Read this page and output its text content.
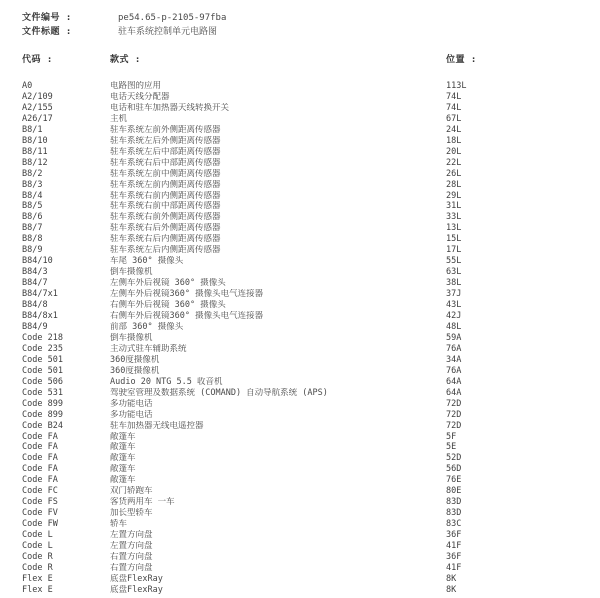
文件编号 :	pe54.65-p-2105-97fba
文件标题 :	驻车系统控制单元电路图
代码 :	款式 :	位置 :
A0	电路图的应用	113L
A2/109	电话天线分配器	74L
A2/155	电话和驻车加热器天线转换开关	74L
A26/17	主机	67L
B8/1	驻车系统左前外侧距离传感器	24L
B8/10	驻车系统左后外侧距离传感器	18L
B8/11	驻车系统左后中部距离传感器	20L
B8/12	驻车系统右后中部距离传感器	22L
B8/2	驻车系统左前中侧距离传感器	26L
B8/3	驻车系统左前内侧距离传感器	28L
B8/4	驻车系统右前内侧距离传感器	29L
B8/5	驻车系统右前中部距离传感器	31L
B8/6	驻车系统右前外侧距离传感器	33L
B8/7	驻车系统右后外侧距离传感器	13L
B8/8	驻车系统右后内侧距离传感器	15L
B8/9	驻车系统左后内侧距离传感器	17L
B84/10	车尾 360° 摄像头	55L
B84/3	倒车摄像机	63L
B84/7	左侧车外后视镜 360° 摄像头	38L
B84/7x1	左侧车外后视镜360° 摄像头电气连接器	37J
B84/8	右侧车外后视镜 360° 摄像头	43L
B84/8x1	右侧车外后视镜360° 摄像头电气连接器	42J
B84/9	前部 360° 摄像头	48L
Code 218	倒车摄像机	59A
Code 235	主动式驻车辅助系统	76A
Code 501	360度摄像机	34A
Code 501	360度摄像机	76A
Code 506	Audio 20 NTG 5.5 收音机	64A
Code 531	驾驶室管理及数据系统 (COMAND) 自动导航系统 (APS)	64A
Code 899	多功能电话	72D
Code 899	多功能电话	72D
Code B24	驻车加热器无线电遥控器	72D
Code FA	敞篷车	5F
Code FA	敞篷车	5E
Code FA	敞篷车	52D
Code FA	敞篷车	56D
Code FA	敞篷车	76E
Code FC	双门轿跑车	80E
Code FS	客货两用车 一车	83D
Code FV	加长型轿车	83D
Code FW	轿车	83C
Code L	左置方向盘	36F
Code L	左置方向盘	41F
Code R	右置方向盘	36F
Code R	右置方向盘	41F
Flex E	底盘FlexRay	8K
Flex E	底盘FlexRay	8K
